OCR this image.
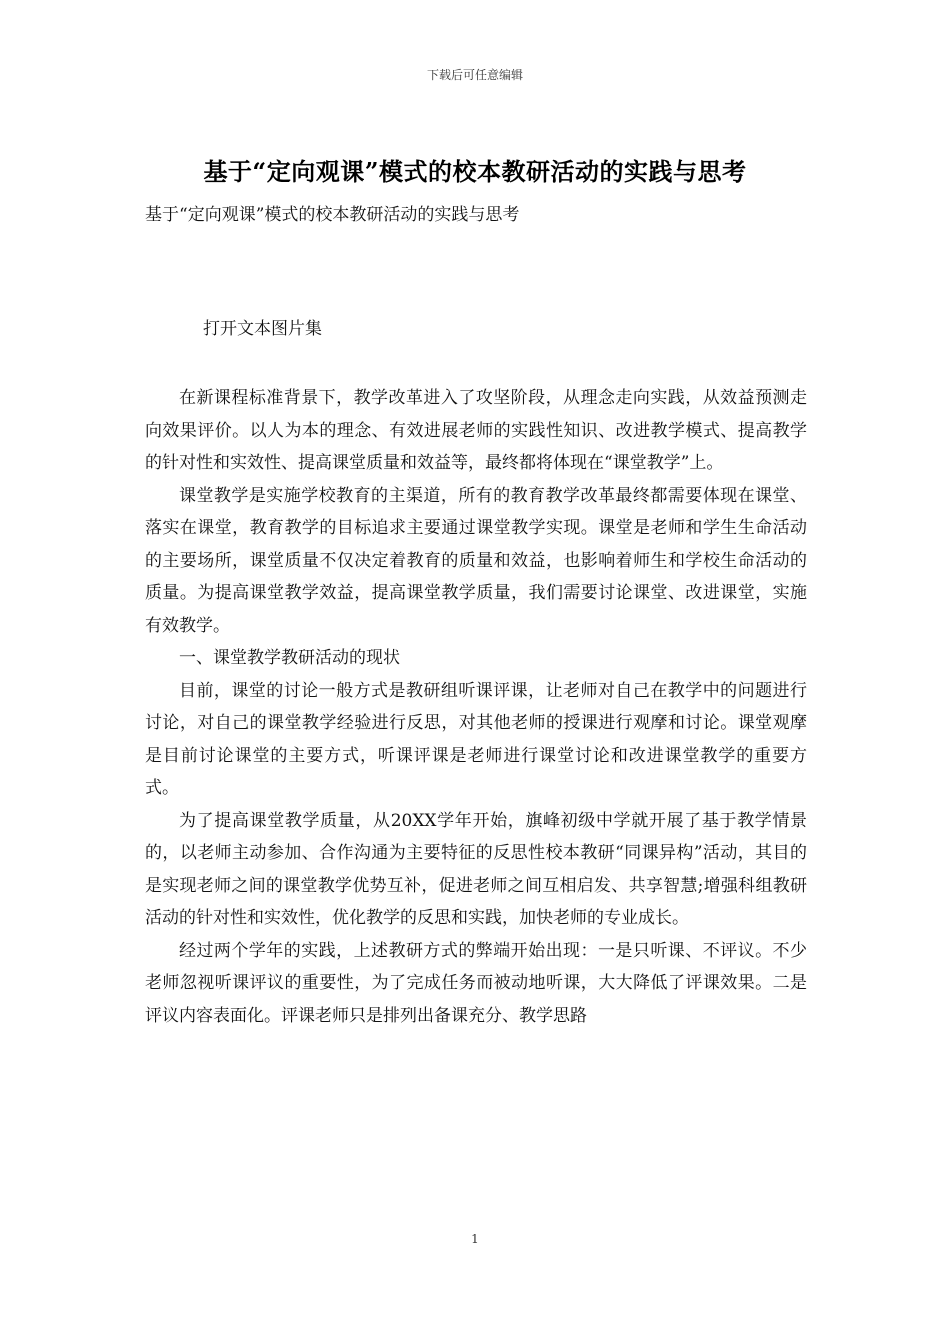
下载后可任意编辑
基于“定向观课”模式的校本教研活动的实践与思考
基于“定向观课”模式的校本教研活动的实践与思考
打开文本图片集

在新课程标准背景下，教学改革进入了攻坚阶段，从理念走向实践，从效益预测走向效果评价。以人为本的理念、有效进展老师的实践性知识、改进教学模式、提高教学的针对性和实效性、提高课堂质量和效益等，最终都将体现在“课堂教学”上。

课堂教学是实施学校教育的主渠道，所有的教育教学改革最终都需要体现在课堂、落实在课堂，教育教学的目标追求主要通过课堂教学实现。课堂是老师和学生生命活动的主要场所，课堂质量不仅决定着教育的质量和效益，也影响着师生和学校生命活动的质量。为提高课堂教学效益，提高课堂教学质量，我们需要讨论课堂、改进课堂，实施有效教学。

一、课堂教学教研活动的现状

目前，课堂的讨论一般方式是教研组听课评课，让老师对自己在教学中的问题进行讨论，对自己的课堂教学经验进行反思，对其他老师的授课进行观摩和讨论。课堂观摩是目前讨论课堂的主要方式，听课评课是老师进行课堂讨论和改进课堂教学的重要方式。

为了提高课堂教学质量，从20XX学年开始，旗峰初级中学就开展了基于教学情景的，以老师主动参加、合作沟通为主要特征的反思性校本教研“同课异构”活动，其目的是实现老师之间的课堂教学优势互补，促进老师之间互相启发、共享智慧;增强科组教研活动的针对性和实效性，优化教学的反思和实践，加快老师的专业成长。

经过两个学年的实践，上述教研方式的弊端开始出现：一是只听课、不评议。不少老师忽视听课评议的重要性，为了完成任务而被动地听课，大大降低了评课效果。二是评议内容表面化。评课老师只是排列出备课充分、教学思路

1
